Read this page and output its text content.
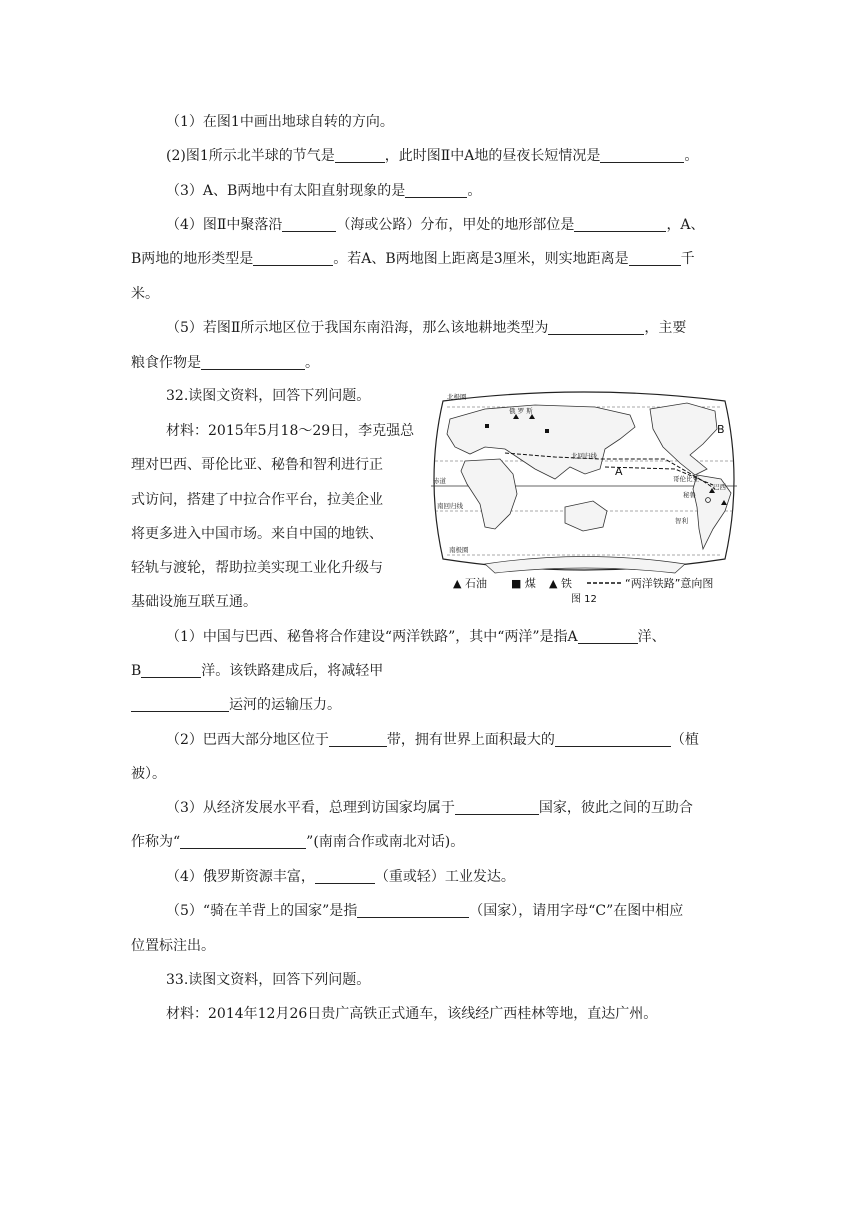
（1）在图1中画出地球自转的方向。
(2)图1所示北半球的节气是	，此时图Ⅱ中A地的昼夜长短情况是	。
（3）A、B两地中有太阳直射现象的是	。
（4）图Ⅱ中聚落沿	（海或公路）分布，甲处的地形部位是	，A、
B两地的地形类型是	。若A、B两地图上距离是3厘米，则实地距离是	千
米。
（5）若图Ⅱ所示地区位于我国东南沿海，那么该地耕地类型为	，主要
粮食作物是	。
32.读图文资料，回答下列问题。
材料：2015年5月18～29日，李克强总
理对巴西、哥伦比亚、秘鲁和智利进行正
式访问，搭建了中拉合作平台，拉美企业
将更多进入中国市场。来自中国的地铁、
轻轨与渡轮，帮助拉美实现工业化升级与
基础设施互联互通。
北极圈
俄 罗 斯
北回归线
赤道
南回归线
南极圈
哥伦比亚
秘鲁
巴西
智利
A
B
▲ 石油 ■ 煤 ▲ 铁	“两洋铁路”意向图
图 12
（1）中国与巴西、秘鲁将合作建设“两洋铁路”，其中“两洋”是指A	洋、
B	洋。该铁路建成后，将减轻甲
运河的运输压力。
（2）巴西大部分地区位于	带，拥有世界上面积最大的	（植
被）。
（3）从经济发展水平看，总理到访国家均属于	国家，彼此之间的互助合
作称为“	”(南南合作或南北对话)。
（4）俄罗斯资源丰富，	（重或轻）工业发达。
（5）“骑在羊背上的国家”是指	（国家），请用字母“C”在图中相应
位置标注出。
33.读图文资料，回答下列问题。
材料：2014年12月26日贵广高铁正式通车，该线经广西桂林等地，直达广州。
